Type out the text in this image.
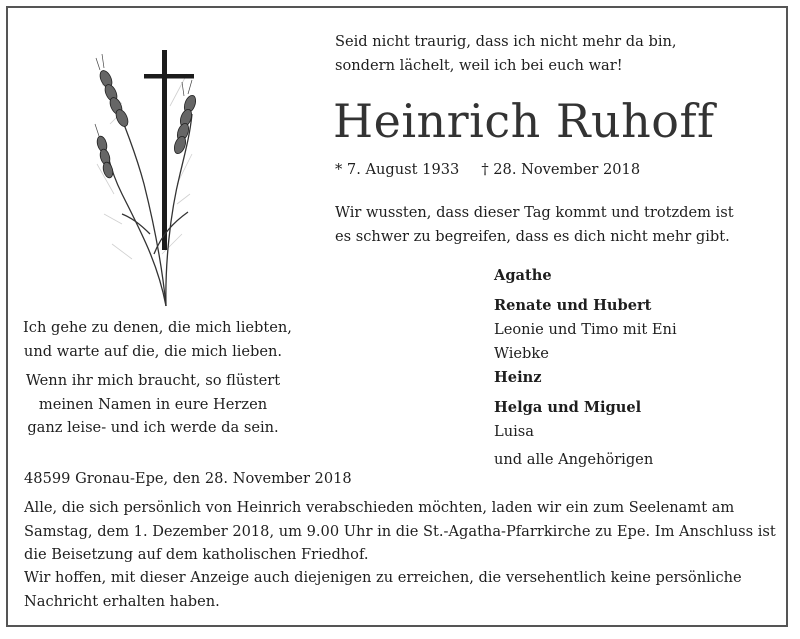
Seid nicht traurig, dass ich nicht mehr da bin,
sondern lächelt, weil ich bei euch war!
Heinrich Ruhoff
* 7. August 1933 † 28. November 2018
Wir wussten, dass dieser Tag kommt und trotzdem ist
es schwer zu begreifen, dass es dich nicht mehr gibt.
Ich gehe zu denen, die mich liebten,
und warte auf die, die mich lieben.
Wenn ihr mich braucht, so flüstert
meinen Namen in eure Herzen
ganz leise- und ich werde da sein.
Agathe
Renate und Hubert
Leonie und Timo mit Eni
Wiebke
Heinz
Helga und Miguel
Luisa
und alle Angehörigen
48599 Gronau-Epe, den 28. November 2018
Alle, die sich persönlich von Heinrich verabschieden möchten, laden wir ein zum Seelenamt am
Samstag, dem 1. Dezember 2018, um 9.00 Uhr in die St.-Agatha-Pfarrkirche zu Epe. Im Anschluss ist
die Beisetzung auf dem katholischen Friedhof.
Wir hoffen, mit dieser Anzeige auch diejenigen zu erreichen, die versehentlich keine persönliche
Nachricht erhalten haben.
